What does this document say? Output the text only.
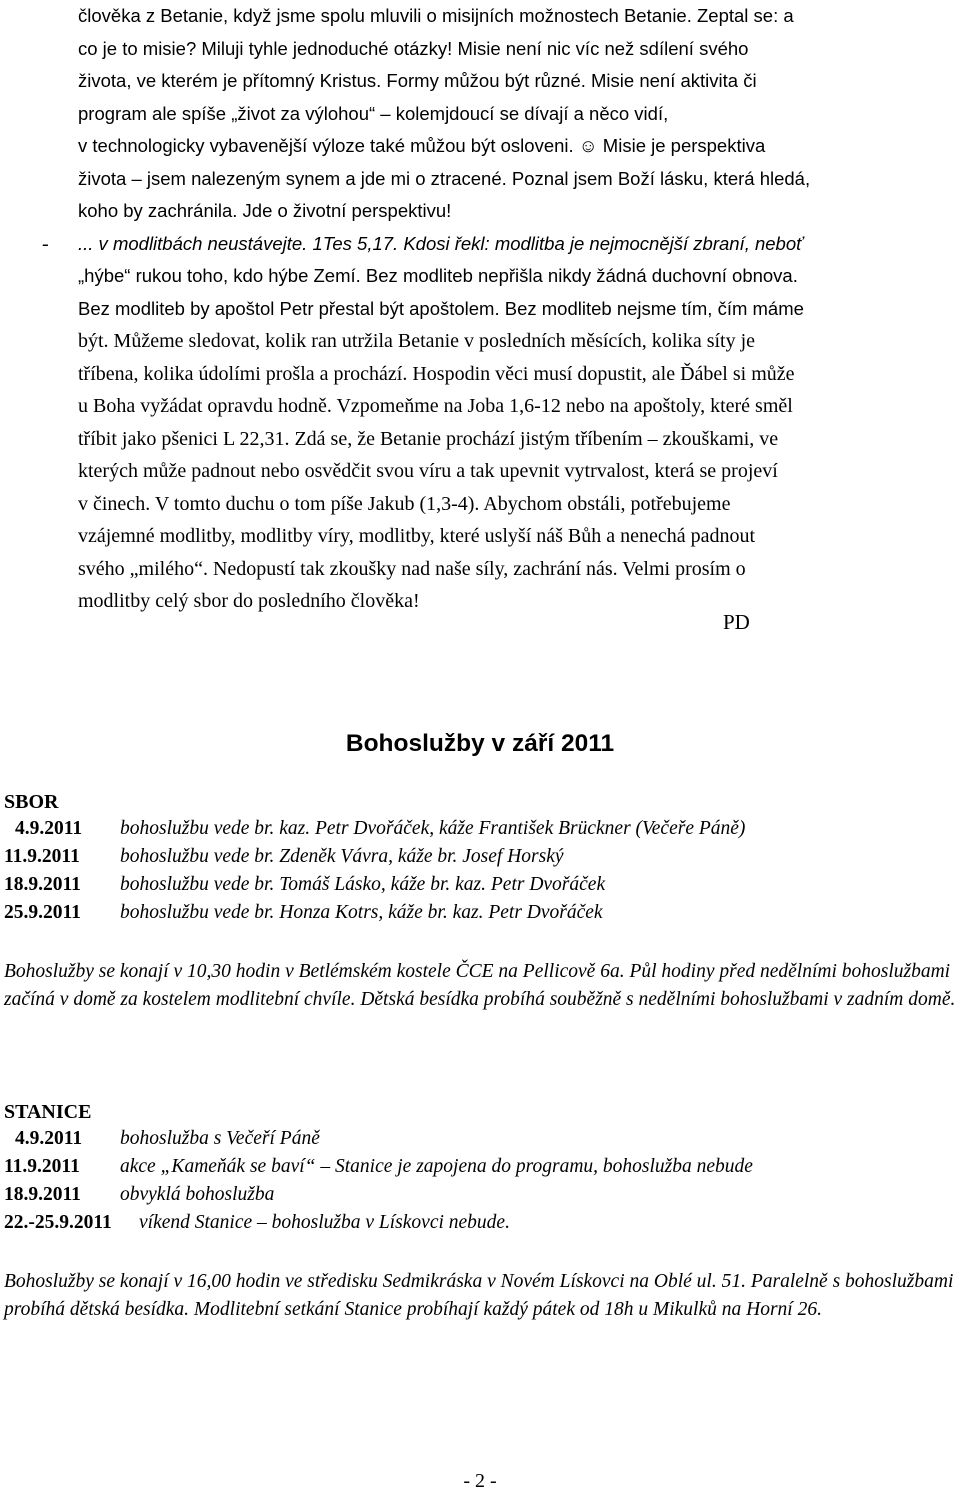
člověka z Betanie, když jsme spolu mluvili o misijních možnostech Betanie. Zeptal se: a

co je to misie? Miluji tyhle jednoduché otázky! Misie není nic víc než sdílení svého

života, ve kterém je přítomný Kristus. Formy můžou být různé. Misie není aktivita či

program ale spíše „život za výlohou“ – kolemjdoucí se dívají a něco vidí,

v technologicky vybavenější výloze také můžou být osloveni. ☺ Misie je perspektiva

života – jsem nalezeným synem a jde mi o ztracené. Poznal jsem Boží lásku, která hledá,

koho by zachránila. Jde o životní perspektivu!

- ... v modlitbách neustávejte. 1Tes 5,17. Kdosi řekl: modlitba je nejmocnější zbraní, neboť

„hýbe“ rukou toho, kdo hýbe Zemí. Bez modliteb nepřišla nikdy žádná duchovní obnova.

Bez modliteb by apoštol Petr přestal být apoštolem. Bez modliteb nejsme tím, čím máme

být. Můžeme sledovat, kolik ran utržila Betanie v posledních měsících, kolika síty je

tříbena, kolika údolími prošla a prochází. Hospodin věci musí dopustit, ale Ďábel si může

u Boha vyžádat opravdu hodně. Vzpomeňme na Joba 1,6-12 nebo na apoštoly, které směl

tříbit jako pšenici L 22,31. Zdá se, že Betanie prochází jistým tříbením – zkouškami, ve

kterých může padnout nebo osvědčit svou víru a tak upevnit vytrvalost, která se projeví

v činech. V tomto duchu o tom píše Jakub (1,3-4). Abychom obstáli, potřebujeme

vzájemné modlitby, modlitby víry, modlitby, které uslyší náš Bůh a nenechá padnout

svého „milého“. Nedopustí tak zkoušky nad naše síly, zachrání nás. Velmi prosím o

modlitby celý sbor do posledního člověka!

PD
Bohoslužby v září 2011
SBOR
4.9.2011 bohoslužbu vede br. kaz. Petr Dvořáček, káže František Brückner (Večeře Páně)
11.9.2011 bohoslužbu vede br. Zdeněk Vávra, káže br. Josef Horský
18.9.2011 bohoslužbu vede br. Tomáš Lásko, káže br. kaz. Petr Dvořáček
25.9.2011 bohoslužbu vede br. Honza Kotrs, káže br. kaz. Petr Dvořáček
Bohoslužby se konají v 10,30 hodin v Betlémském kostele ČCE na Pellicově 6a. Půl hodiny před nedělními bohoslužbami začíná v domě za kostelem modlitební chvíle. Dětská besídka probíhá souběžně s nedělními bohoslužbami v zadním domě.
STANICE
4.9.2011 bohoslužba s Večeří Páně
11.9.2011 akce „Kameňák se baví“ – Stanice je zapojena do programu, bohoslužba nebude
18.9.2011 obvyklá bohoslužba
22.-25.9.2011 víkend Stanice – bohoslužba v Lískovci nebude.
Bohoslužby se konají v 16,00 hodin ve středisku Sedmikráska v Novém Lískovci na Oblé ul. 51. Paralelně s bohoslužbami probíhá dětská besídka. Modlitební setkání Stanice probíhají každý pátek od 18h u Mikulků na Horní 26.
- 2 -
